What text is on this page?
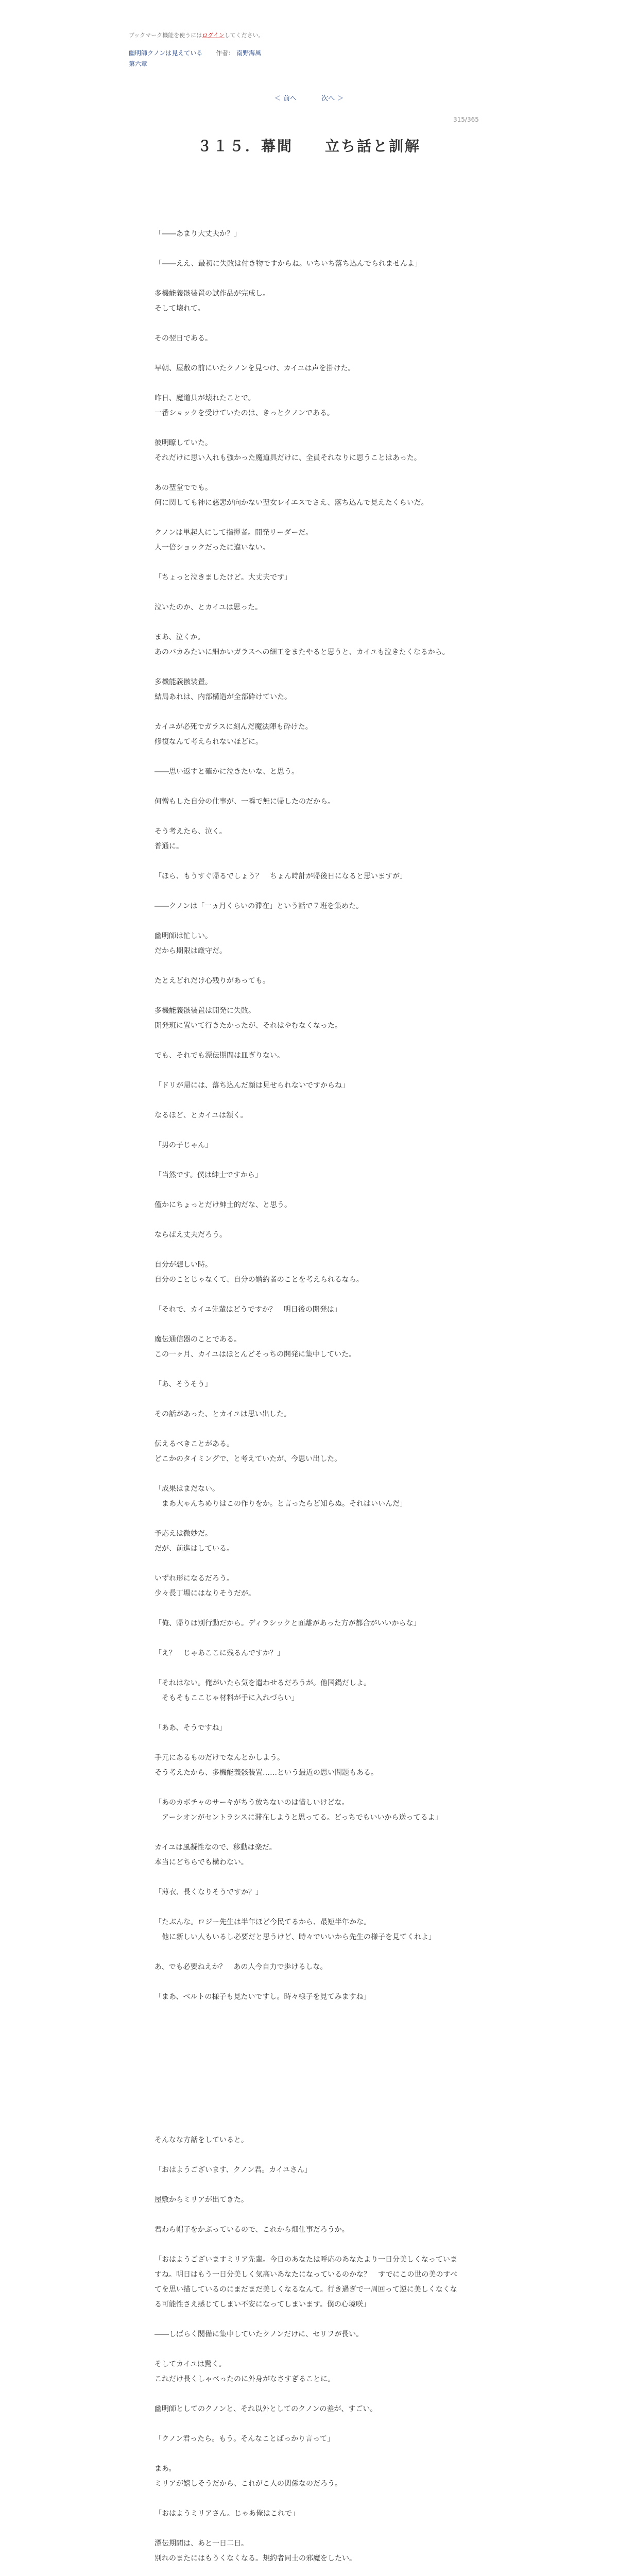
ブックマーク機能を使うにはログインしてください。
幽明師クノンは見えている 作者： 南野海風
第六章
＜ 前へ	次へ ＞
315/365
３１５．幕間　　立ち話と訓解

「――あまり大丈夫か？」

「――ええ、最初に失敗は付き物ですからね。いちいち落ち込んでられませんよ」

多機能義骸装置の試作品が完成し。

そして壊れて。

その翌日である。

早朝、屋敷の前にいたクノンを見つけ、カイユは声を掛けた。

昨日、魔道具が壊れたことで。

一番ショックを受けていたのは、きっとクノンである。

彼明瞭していた。

それだけに思い入れも強かった魔道具だけに、全員それなりに思うことはあった。

あの聖堂ででも。

何に関しても神に慈悲が向かない聖女レイエスでさえ、落ち込んで見えたくらいだ。

クノンは単起人にして指揮者。開発リーダーだ。

人一倍ショックだったに違いない。

「ちょっと泣きましたけど。大丈夫です」

泣いたのか、とカイユは思った。

まあ、泣くか。

あのバカみたいに細かいガラスへの細工をまたやると思うと、カイユも泣きたくなるから。

多機能義骸装置。

結局あれは、内部構造が全部砕けていた。

カイユが必死でガラスに刻んだ魔法陣も砕けた。

修復なんて考えられないほどに。

――思い返すと確かに泣きたいな、と思う。

何憎もした自分の仕事が、一瞬で無に帰したのだから。

そう考えたら、泣く。

普通に。

「ほら、もうすぐ帰るでしょう？　ちょん時計が帰後日になると思いますが」

――クノンは「一ヵ月くらいの滞在」という話で７班を集めた。

幽明師は忙しい。

だから期限は厳守だ。

たとえどれだけ心残りがあっても。

多機能義骸装置は開発に失敗。

開発班に置いて行きたかったが、それはやむなくなった。

でも、それでも漂伝期間は皿ぎりない。

「ドリが帰には、落ち込んだ顔は見せられないですからね」

なるほど、とカイユは頷く。

「男の子じゃん」

「当然です。僕は紳士ですから」

僅かにちょっとだけ紳士的だな、と思う。

ならばえ丈夫だろう。

自分が想しい時。

自分のことじゃなくて、自分の婚約者のことを考えられるなら。

「それで、カイユ先輩はどうですか？　明日後の開発は」

魔伝通信器のことである。

この一ヶ月、カイユはほとんどそっちの開発に集中していた。

「あ、そうそう」

その話があった、とカイユは思い出した。

伝えるべきことがある。

どこかのタイミングで、と考えていたが、今思い出した。

「成果はまだない。

　まあ大ゃんちめりはこの作りをか。と言ったらど知らぬ。それはいいんだ」

予応えは微妙だ。

だが、前進はしている。

いずれ形になるだろう。

少々長丁場にはなりそうだが。

「俺、帰りは別行動だから。ディラシックと面離があった方が都合がいいからな」

「え？　じゃあここに残るんですか？」

「それはない。俺がいたら気を遣わせるだろうが。他国鍋だしよ。

　そもそもここじゃ材料が手に入れづらい」

「ああ、そうですね」

手元にあるものだけでなんとかしよう。

そう考えたから、多機能義骸装置……という最近の思い問題もある。

「あのカボチャのサーキがちう放ちないのは惜しいけどな。

　アーシオンがセントラシスに滞在しようと思ってる。どっちでもいいから送ってるよ」

カイユは風凝性なので、移動は楽だ。

本当にどちらでも構わない。

「薄衣、長くなりそうですか？」

「たぶんな。ロジー先生は半年ほど今民てるから、最短半年かな。

　他に新しい人もいるし必要だと思うけど、時々でいいから先生の様子を見てくれよ」

あ、でも必要ねえか？　あの人今自力で歩けるしな。

「まあ、ベルトの様子も見たいですし。時々様子を見てみますね」

そんなな方話をしていると。

「おはようございます、クノン君。カイユさん」

屋敷からミリアが出てきた。

君わら帽子をかぶっているので、これから畑仕事だろうか。

「おはようございますミリア先輩。今日のあなたは呼応のあなたより一日分美しくなっていますね。明日はもう一日分美しく気高いあなたになっているのかな？　すでにこの世の美のすべてを思い描しているのにまだまだ美しくなるなんて。行き過ぎで一周回って逆に美しくなくなる可能性さえ感じてしまい不安になってしまいます。僕の心境咲」

――しばらく閣備に集中していたクノンだけに、セリフが長い。

そしてカイユは驚く。

これだけ長くしゃべったのに外身がなさすぎることに。

幽明師としてのクノンと、それ以外としてのクノンの差が、すごい。

「クノン君ったら。もう。そんなことばっかり言って」

まあ。

ミリアが嬉しそうだから、これがこ人の関係なのだろう。

「おはようミリアさん。じゃあ俺はこれで」

漂伝期間は、あと一日二日。

別れのまたにはもうくなくなる。規約者同士の邪魔をしたい。
